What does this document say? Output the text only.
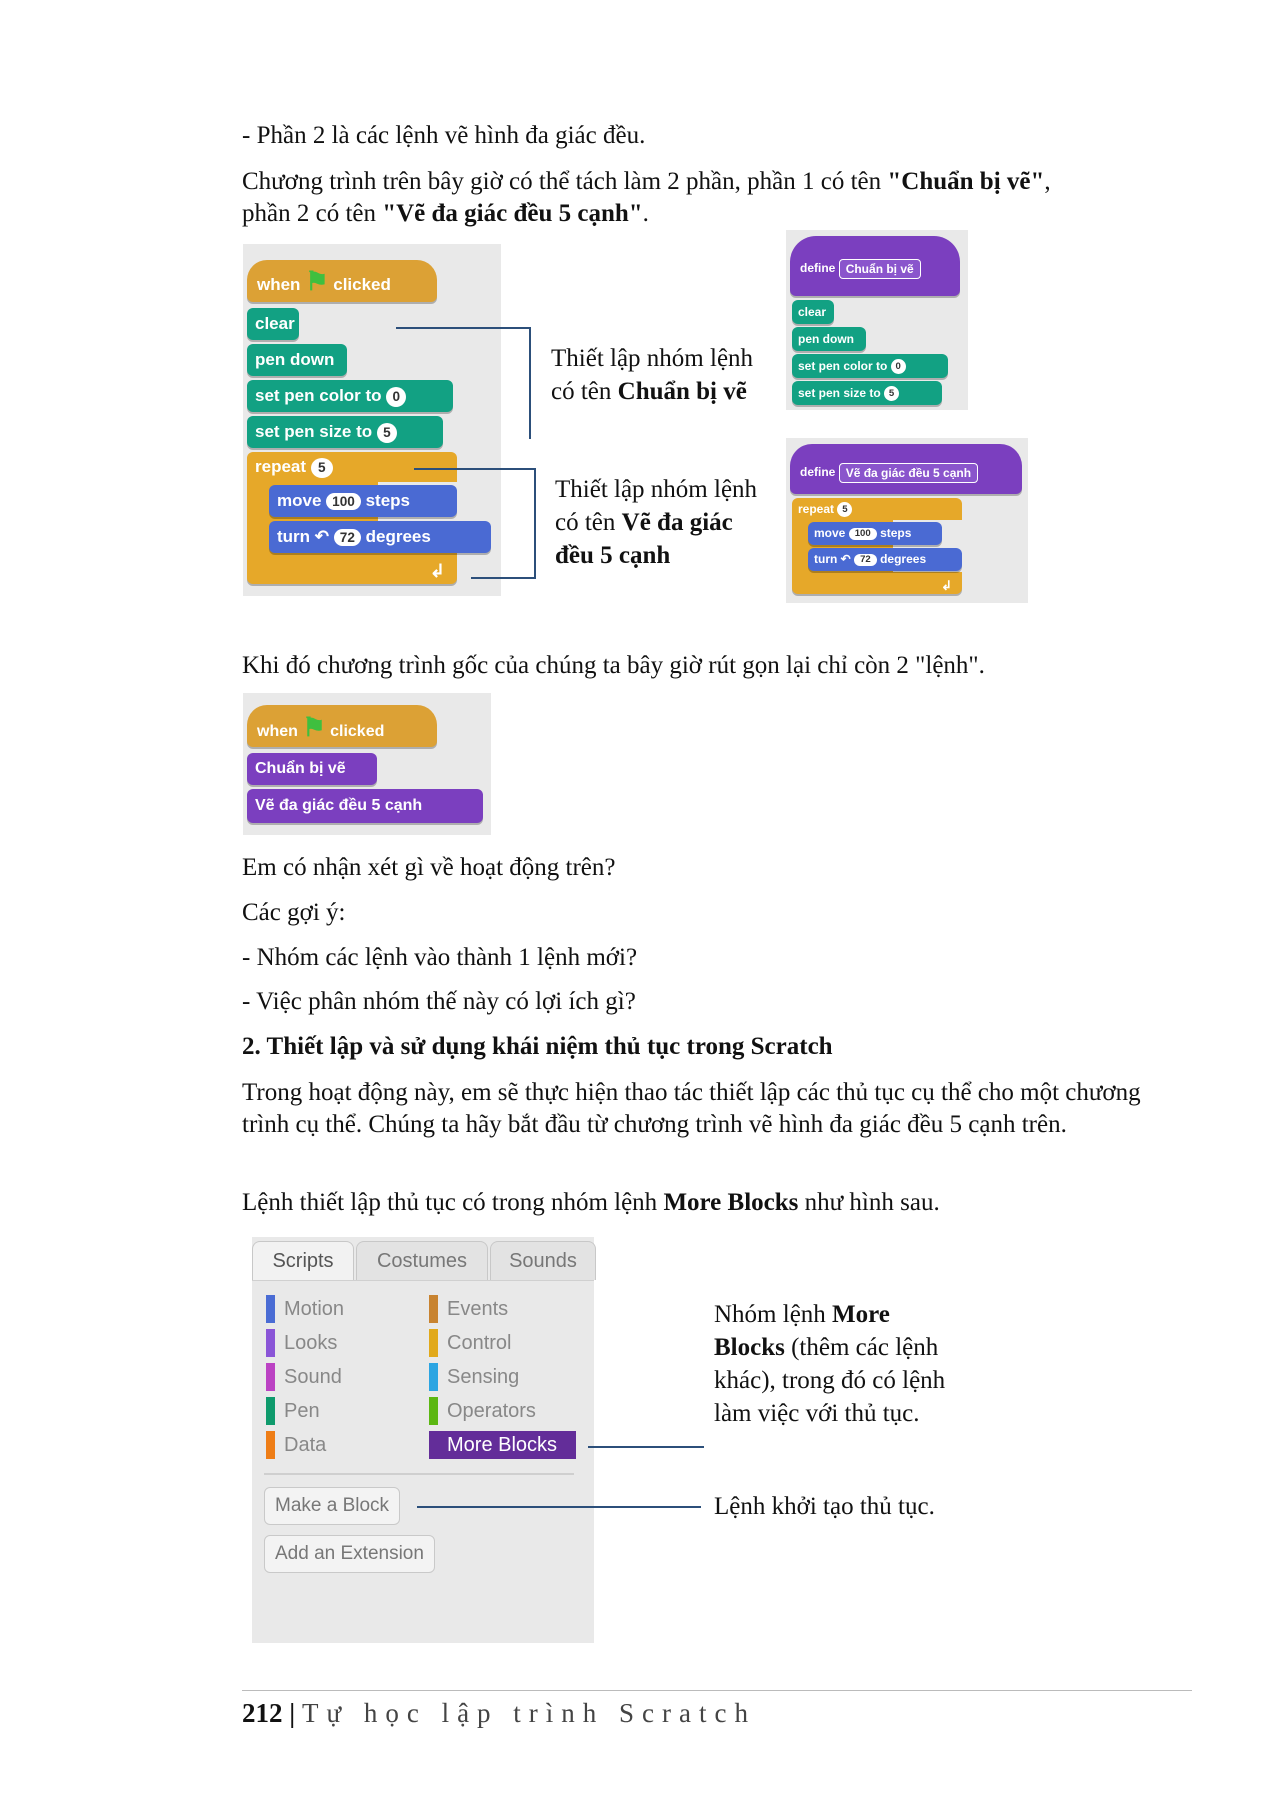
- Phần 2 là các lệnh vẽ hình đa giác đều.

Chương trình trên bây giờ có thể tách làm 2 phần, phần 1 có tên "Chuẩn bị vẽ",
phần 2 có tên "Vẽ đa giác đều 5 cạnh".

when ⚑ clicked
clear
pen down
set pen color to 0
set pen size to 5
repeat 5
↲
move 100 steps
turn ↶ 72 degrees
Thiết lập nhóm lệnh có tên Chuẩn bị vẽ
Thiết lập nhóm lệnh có tên Vẽ đa giác đều 5 cạnh
define Chuẩn bị vẽ
clear
pen down
set pen color to 0
set pen size to 5
define Vẽ đa giác đều 5 cạnh
repeat 5
↲
move 100 steps
turn ↶ 72 degrees

Khi đó chương trình gốc của chúng ta bây giờ rút gọn lại chỉ còn 2 "lệnh".

when ⚑ clicked
Chuẩn bị vẽ
Vẽ đa giác đều 5 cạnh

Em có nhận xét gì về hoạt động trên?

Các gợi ý:

- Nhóm các lệnh vào thành 1 lệnh mới?

- Việc phân nhóm thế này có lợi ích gì?

2. Thiết lập và sử dụng khái niệm thủ tục trong Scratch

Trong hoạt động này, em sẽ thực hiện thao tác thiết lập các thủ tục cụ thể cho một chương trình cụ thể. Chúng ta hãy bắt đầu từ chương trình vẽ hình đa giác đều 5 cạnh trên.

Lệnh thiết lập thủ tục có trong nhóm lệnh More Blocks như hình sau.

Scripts	Costumes	Sounds
Motion
Looks
Sound
Pen
Data
Events
Control
Sensing
Operators
More Blocks
Make a Block
Add an Extension
Nhóm lệnh More Blocks (thêm các lệnh khác), trong đó có lệnh làm việc với thủ tục.
Lệnh khởi tạo thủ tục.
212 | Tự học lập trình Scratch
